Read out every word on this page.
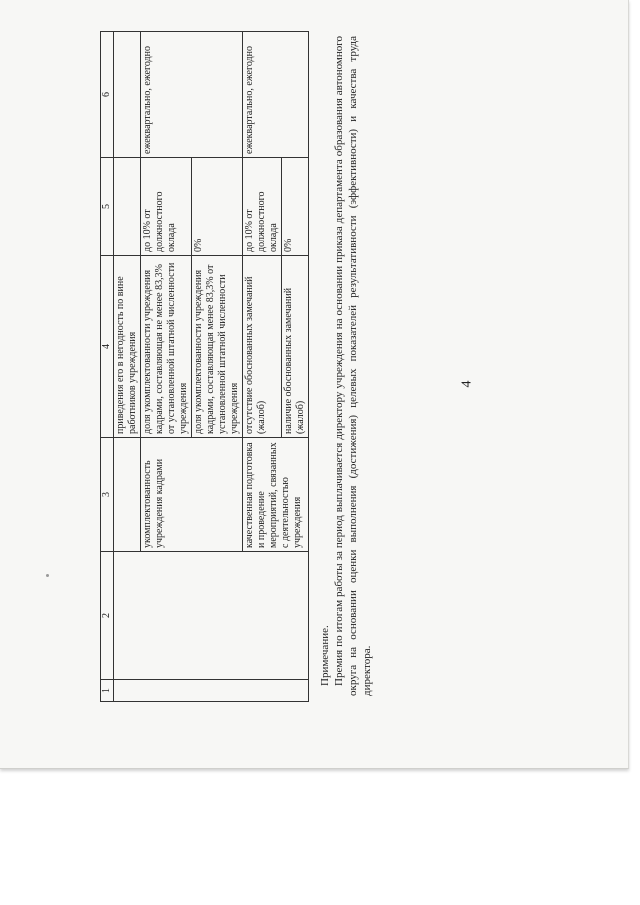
4
1	2	3	4	5	6
			приведения его в негодность по вине работников учреждения		
		укомплектованность учреждения кадрами	доля укомплектованности учреждения кадрами, составляющая не менее 83,3% от установленной штатной численности учреждения	до 10% от должностного оклада	ежеквартально, ежегодно
			доля укомплектованности учреждения кадрами, составляющая менее 83,3% от установленной штатной численности учреждения	0%	
		качественная подготовка и проведение мероприятий, связанных с деятельностью учреждения	отсутствие обоснованных замечаний (жалоб)	до 10% от должностного оклада	ежеквартально, ежегодно
			наличие обоснованных замечаний (жалоб)	0%	
Примечание. Премия по итогам работы за период выплачивается директору учреждения на основании приказа департамента образования автономного округа на основании оценки выполнения (достижения) целевых показателей результативности (эффективности) и качества труда директора.
